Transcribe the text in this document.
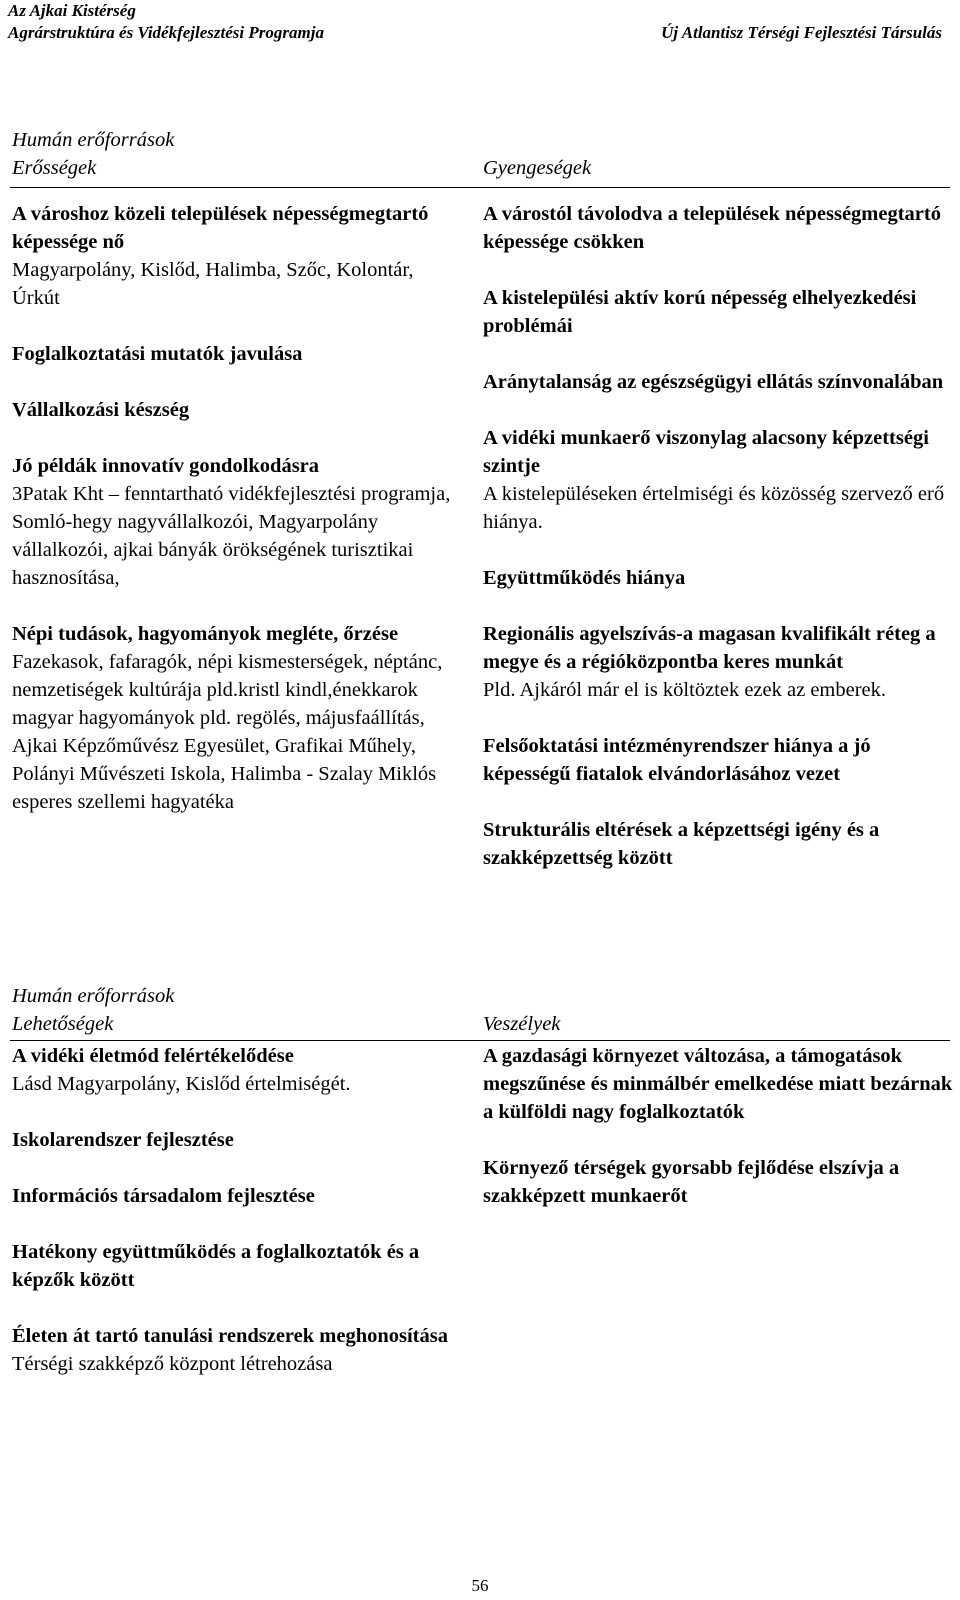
Az Ajkai Kistérség
Agrárstruktúra és Vidékfejlesztési Programja	Új Atlantisz Térségi Fejlesztési Társulás
Humán erőforrások
Erősségek	Gyengeségek
A városhoz közeli települések népességmegtartó képessége nő
Magyarpolány, Kislőd, Halimba, Szőc, Kolontár, Úrkút
Foglalkoztatási mutatók javulása
Vállalkozási készség
Jó példák innovatív gondolkodásra
3Patak Kht – fenntartható vidékfejlesztési programja, Somló-hegy nagyvállalkozói, Magyarpolány vállalkozói, ajkai bányák örökségének turisztikai hasznosítása,
Népi tudások, hagyományok megléte, őrzése
Fazekasok, fafaragók, népi kismesterségek, néptánc, nemzetiségek kultúrája pld.kristl kindl,énekkarok magyar hagyományok pld. regölés, májusfaállítás, Ajkai Képzőművész Egyesület, Grafikai Műhely, Polányi Művészeti Iskola, Halimba - Szalay Miklós esperes szellemi hagyatéka
A várostól távolodva a települések népességmegtartó képessége csökken
A kistelepülési aktív korú népesség elhelyezkedési problémái
Aránytalanság az egészségügyi ellátás színvonalában
A vidéki munkaerő viszonylag alacsony képzettségi szintje
A kistelepüléseken értelmiségi és közösség szervező erő hiánya.
Együttműködés hiánya
Regionális agyelszívás-a magasan kvalifikált réteg a megye és a régióközpontba keres munkát
Pld. Ajkáról már el is költöztek ezek az emberek.
Felsőoktatási intézményrendszer hiánya a jó képességű fiatalok elvándorlásához vezet
Strukturális eltérések a képzettségi igény és a szakképzettség között
Humán erőforrások
Lehetőségek	Veszélyek
A vidéki életmód felértékelődése
Lásd Magyarpolány, Kislőd értelmiségét.
Iskolarendszer fejlesztése
Információs társadalom fejlesztése
Hatékony együttműködés a foglalkoztatók és a képzők között
Életen át tartó tanulási rendszerek meghonosítása
Térségi szakképző központ létrehozása
A gazdasági környezet változása, a támogatások megszűnése és minmálbér emelkedése miatt bezárnak a külföldi nagy foglalkoztatók
Környező térségek gyorsabb fejlődése elszívja a szakképzett munkaerőt
56
